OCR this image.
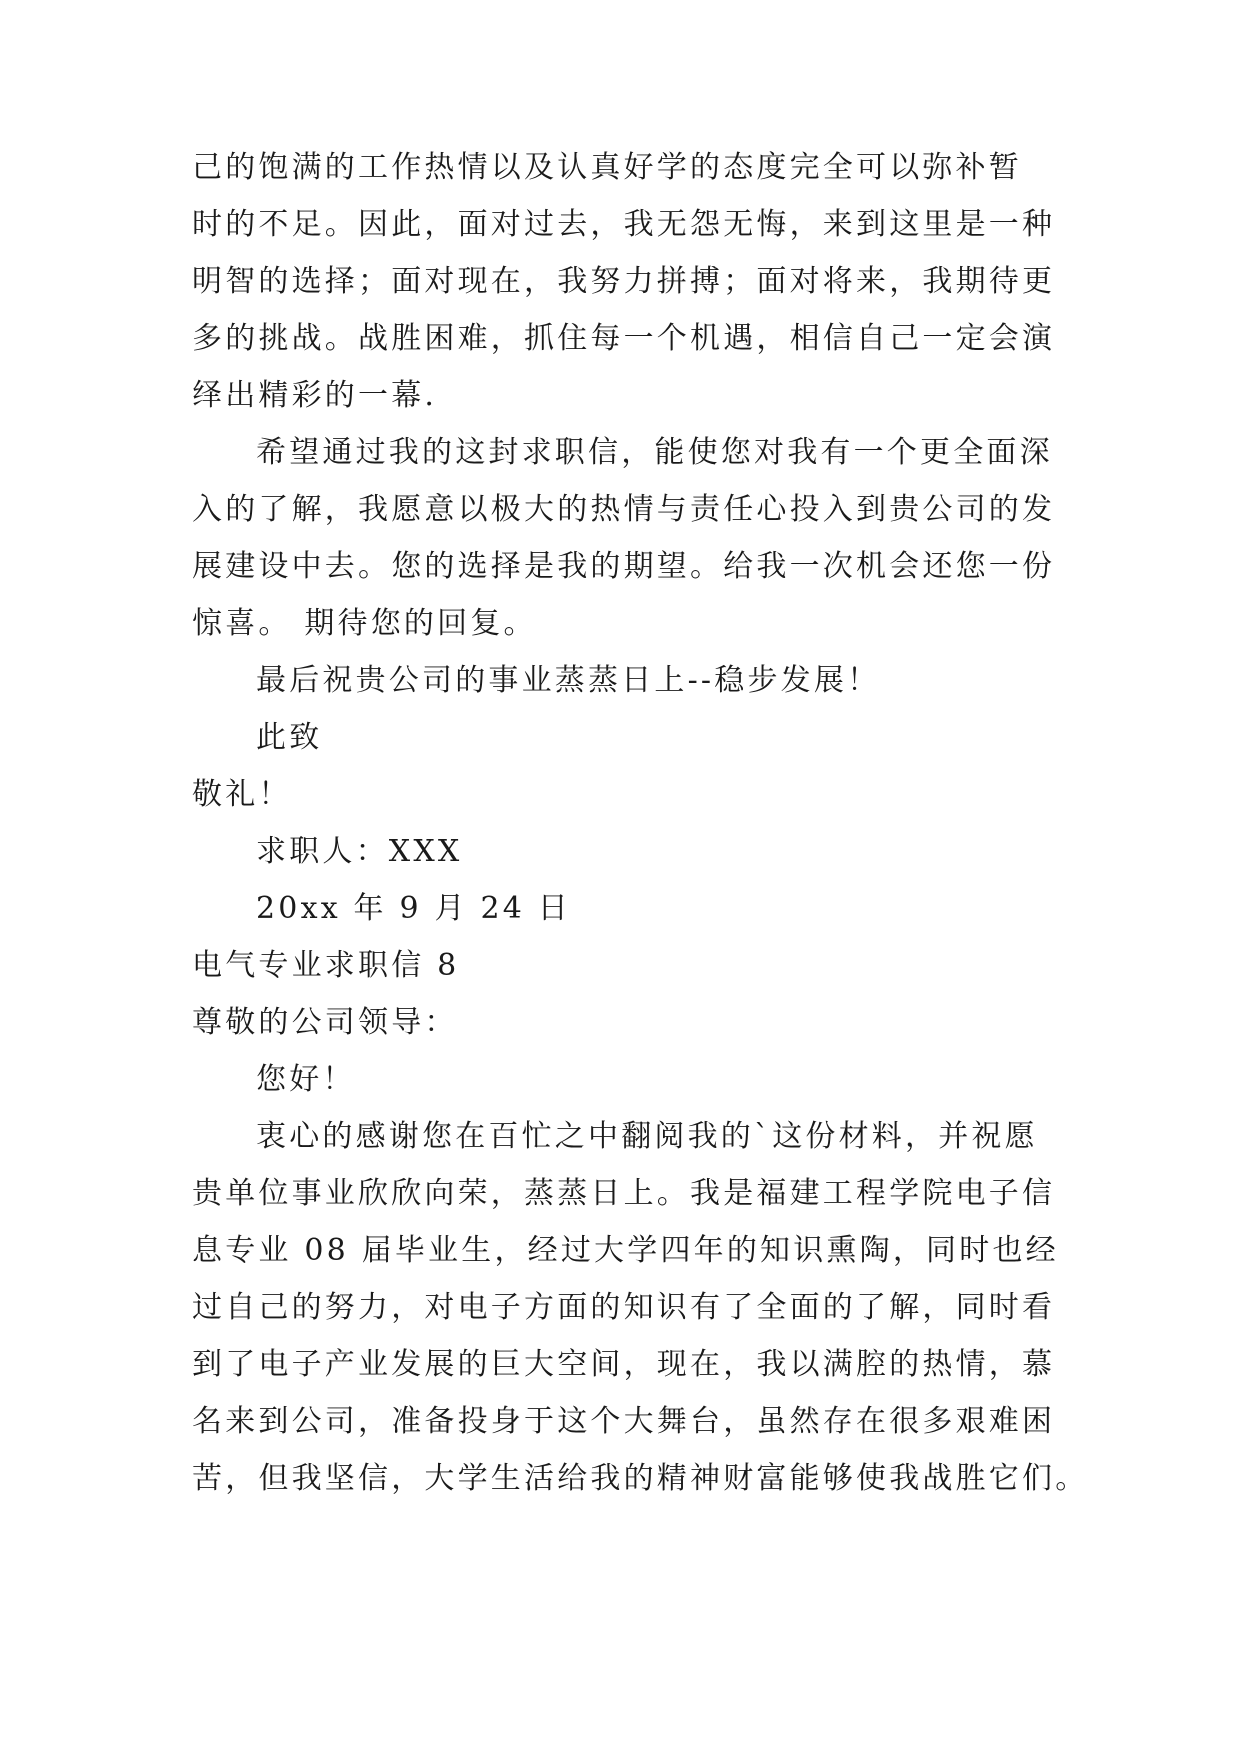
己的饱满的工作热情以及认真好学的态度完全可以弥补暂
时的不足。因此，面对过去，我无怨无悔，来到这里是一种
明智的选择；面对现在，我努力拼搏；面对将来，我期待更
多的挑战。战胜困难，抓住每一个机遇，相信自己一定会演
绎出精彩的一幕.
希望通过我的这封求职信，能使您对我有一个更全面深
入的了解，我愿意以极大的热情与责任心投入到贵公司的发
展建设中去。您的选择是我的期望。给我一次机会还您一份
惊喜。 期待您的回复。
最后祝贵公司的事业蒸蒸日上--稳步发展！
此致
敬礼！
求职人：XXX
20xx 年 9 月 24 日
电气专业求职信 8
尊敬的公司领导：
您好！
衷心的感谢您在百忙之中翻阅我的`这份材料，并祝愿
贵单位事业欣欣向荣，蒸蒸日上。我是福建工程学院电子信
息专业 08 届毕业生，经过大学四年的知识熏陶，同时也经
过自己的努力，对电子方面的知识有了全面的了解，同时看
到了电子产业发展的巨大空间，现在，我以满腔的热情，慕
名来到公司，准备投身于这个大舞台，虽然存在很多艰难困
苦，但我坚信，大学生活给我的精神财富能够使我战胜它们。
